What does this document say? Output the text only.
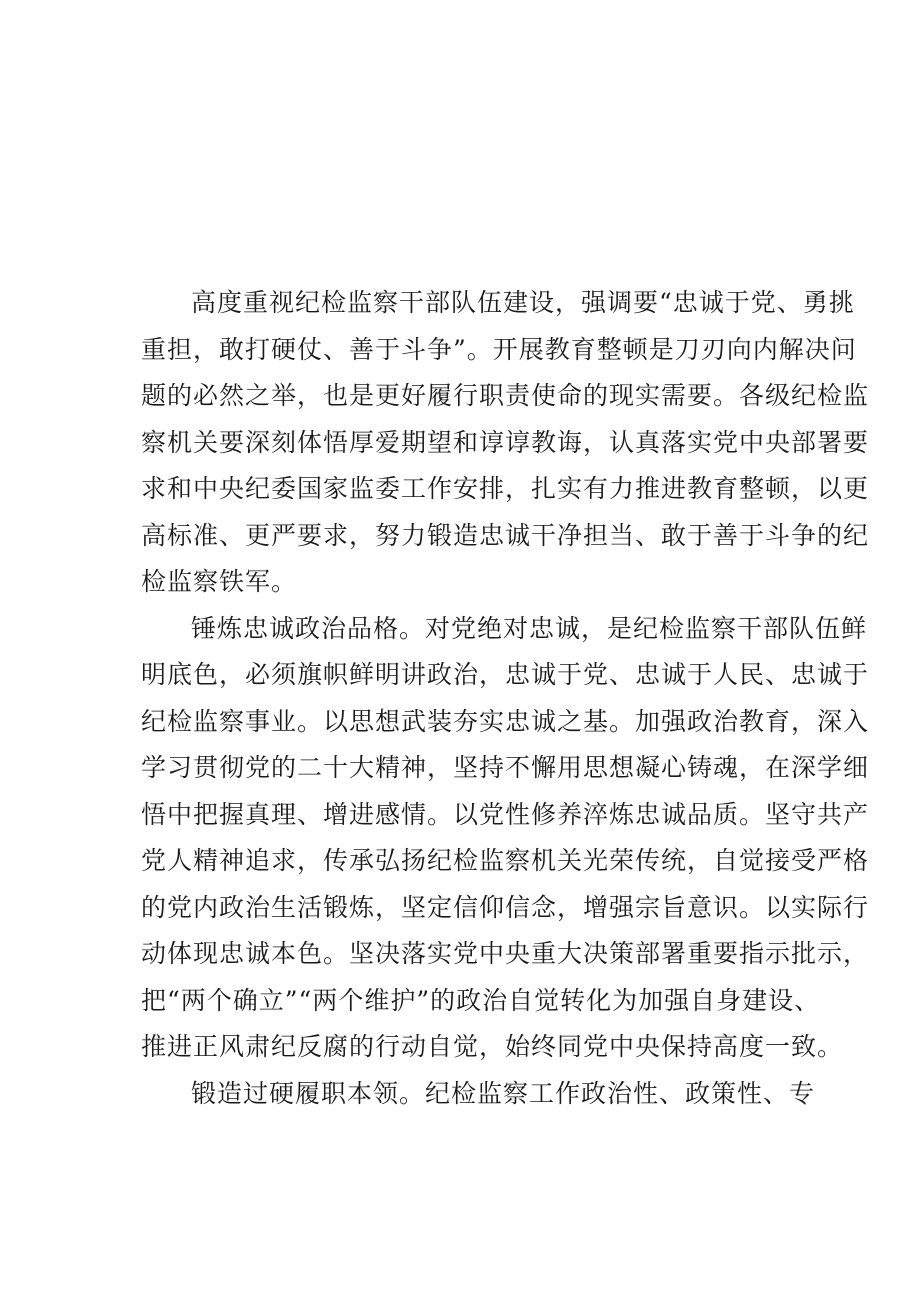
高度重视纪检监察干部队伍建设，强调要“忠诚于党、勇挑
重担，敢打硬仗、善于斗争”。开展教育整顿是刀刃向内解决问
题的必然之举，也是更好履行职责使命的现实需要。各级纪检监
察机关要深刻体悟厚爱期望和谆谆教诲，认真落实党中央部署要
求和中央纪委国家监委工作安排，扎实有力推进教育整顿，以更
高标准、更严要求，努力锻造忠诚干净担当、敢于善于斗争的纪
检监察铁军。

锤炼忠诚政治品格。对党绝对忠诚，是纪检监察干部队伍鲜
明底色，必须旗帜鲜明讲政治，忠诚于党、忠诚于人民、忠诚于
纪检监察事业。以思想武装夯实忠诚之基。加强政治教育，深入
学习贯彻党的二十大精神，坚持不懈用思想凝心铸魂，在深学细
悟中把握真理、增进感情。以党性修养淬炼忠诚品质。坚守共产
党人精神追求，传承弘扬纪检监察机关光荣传统，自觉接受严格
的党内政治生活锻炼，坚定信仰信念，增强宗旨意识。以实际行
动体现忠诚本色。坚决落实党中央重大决策部署重要指示批示，
把“两个确立”“两个维护”的政治自觉转化为加强自身建设、
推进正风肃纪反腐的行动自觉，始终同党中央保持高度一致。

锻造过硬履职本领。纪检监察工作政治性、政策性、专
